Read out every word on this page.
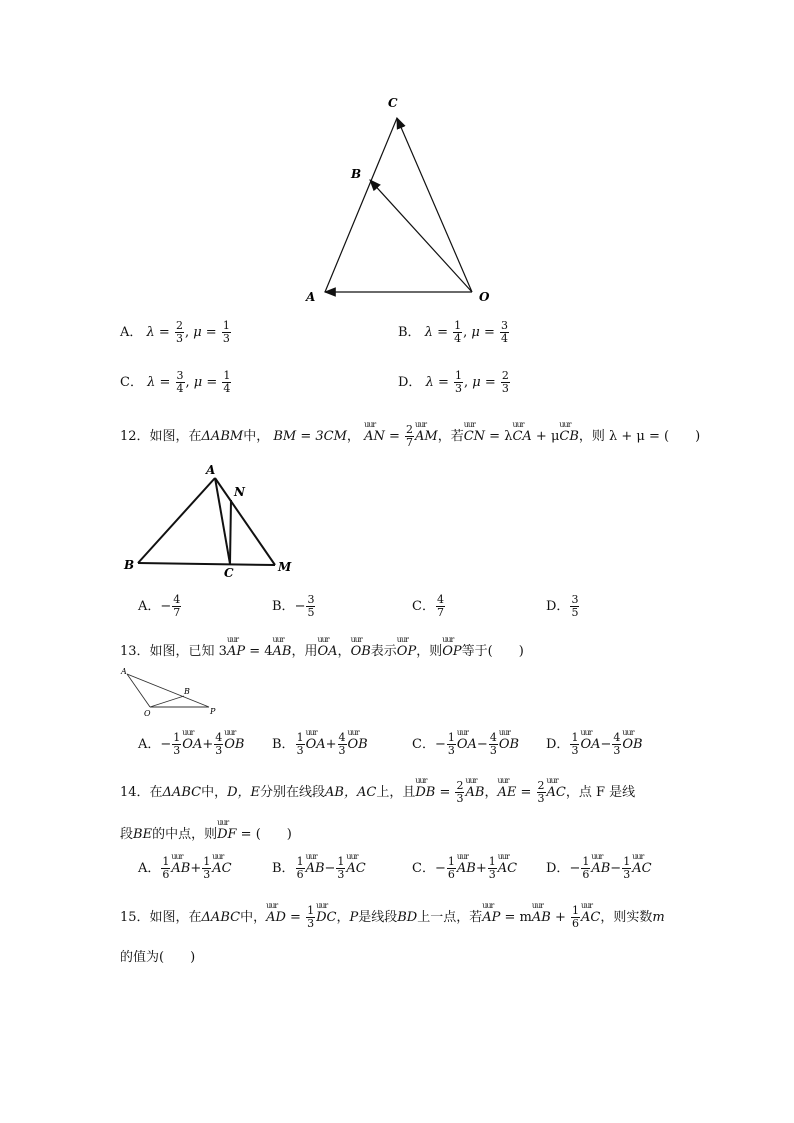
C
B
A	O
A． $\lambda = \frac{2}{3}$ , $\mu = \frac{1}{3}$	B． $\lambda = \frac{1}{4}$ , $\mu = \frac{3}{4}$
C． $\lambda = \frac{3}{4}$ , $\mu = \frac{1}{4}$	D． $\lambda = \frac{1}{3}$ , $\mu = \frac{2}{3}$
12．如图，在ΔABM中， BM = 3CM， uur AN = $\frac{2}{7}$ uur AM，若uur CN = λuur CA + μuur CB，则 λ + μ = (　　)
A
N
B
C	M
A．− $\frac{4}{7}$	B．− $\frac{3}{5}$	C． $\frac{4}{7}$	D． $\frac{3}{5}$
13．如图，已知 3uur AP = 4uur AB，用uur OA，uur OB表示uur OP，则uur OP等于(　　)
A
B
O	P
A．− $\frac{1}{3}$ uur $OA+ \frac{4}{3}$ uur OB B． $\frac{1}{3}$ uur $OA+ \frac{4}{3}$ uur OB	C．− $\frac{1}{3}$ uur $OA- \frac{4}{3}$ uur OB D． $\frac{1}{3}$ uur $OA- \frac{4}{3}$ uur OB
14．在ΔABC中，D，E分别在线段AB，AC上，且uur DB = $\frac{2}{3}$ uur AB，uur AE = $\frac{2}{3}$ uur AC，点 F 是线
段BE的中点，则uur DF = (　　)
A． $\frac{1}{6}$ uur $AB+ \frac{1}{3}$ uur AC	B． $\frac{1}{6}$ uur $AB- \frac{1}{3}$ uur AC	C．− $\frac{1}{6}$ uur $AB+ \frac{1}{3}$ uur AC D．− $\frac{1}{6}$ uur $AB- \frac{1}{3}$ uur AC
15．如图，在ΔABC中，uur AD = $\frac{1}{3}$ uur DC，P是线段BD上一点，若uur AP = muur AB + $\frac{1}{6}$ uur AC，则实数m
的值为(　　)
